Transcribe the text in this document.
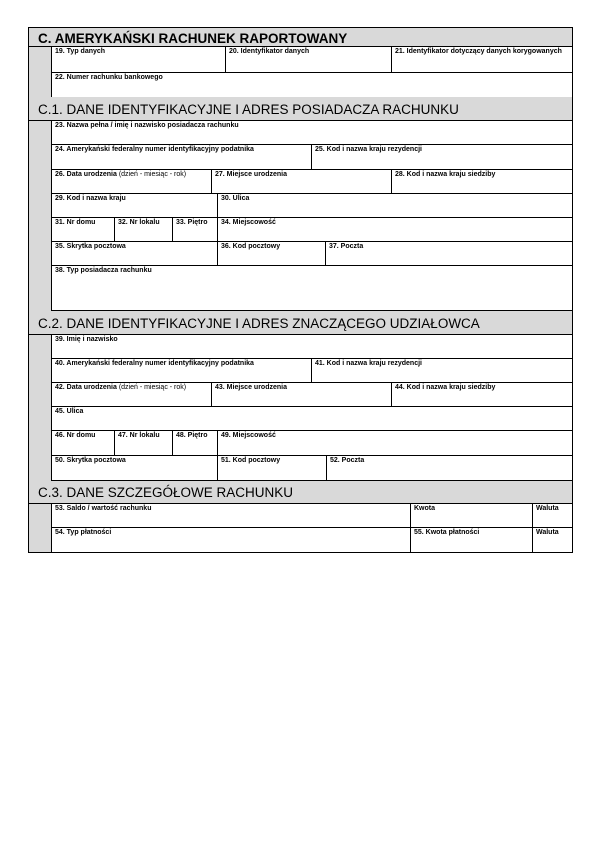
C. AMERYKAŃSKI RACHUNEK RAPORTOWANY
19. Typ danych	20. Identyfikator danych	21. Identyfikator dotyczący danych korygowanych
22. Numer rachunku bankowego
C.1. DANE IDENTYFIKACYJNE I ADRES POSIADACZA RACHUNKU
23. Nazwa pełna / imię i nazwisko posiadacza rachunku
24. Amerykański federalny numer identyfikacyjny podatnika	25. Kod i nazwa kraju rezydencji
26. Data urodzenia (dzień - miesiąc - rok)	27. Miejsce urodzenia	28. Kod i nazwa kraju siedziby
29. Kod i nazwa kraju	30. Ulica
31. Nr domu	32. Nr lokalu 33. Piętro 34. Miejscowość
35. Skrytka pocztowa	36. Kod pocztowy	37. Poczta
38. Typ posiadacza rachunku
C.2. DANE IDENTYFIKACYJNE I ADRES ZNACZĄCEGO UDZIAŁOWCA
39. Imię i nazwisko
40. Amerykański federalny numer identyfikacyjny podatnika	41. Kod i nazwa kraju rezydencji
42. Data urodzenia (dzień - miesiąc - rok)	43. Miejsce urodzenia	44. Kod i nazwa kraju siedziby
45. Ulica
46. Nr domu	47. Nr lokalu 48. Piętro 49. Miejscowość
50. Skrytka pocztowa	51. Kod pocztowy	52. Poczta
C.3. DANE SZCZEGÓŁOWE RACHUNKU
53. Saldo / wartość rachunku	Kwota	Waluta
54. Typ płatności	55. Kwota płatności	Waluta
